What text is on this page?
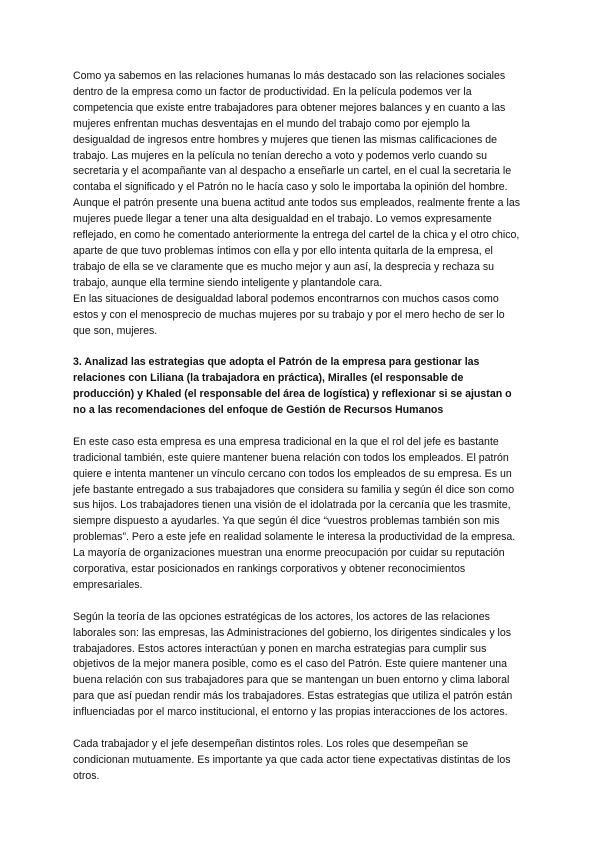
Como ya sabemos en las relaciones humanas lo más destacado son las relaciones sociales dentro de la empresa como un factor de productividad. En la película podemos ver la competencia que existe entre trabajadores para obtener mejores balances y en cuanto a las mujeres enfrentan muchas desventajas en el mundo del trabajo como por ejemplo la desigualdad de ingresos entre hombres y mujeres que tienen las mismas calificaciones de trabajo. Las mujeres en la película no tenían derecho a voto y podemos verlo cuando su secretaria y el acompañante van al despacho a enseñarle un cartel, en el cual la secretaria le contaba el significado y el Patrón no le hacía caso y solo le importaba la opinión del hombre.

Aunque el patrón presente una buena actitud ante todos sus empleados, realmente frente a las mujeres puede llegar a tener una alta desigualdad en el trabajo. Lo vemos expresamente reflejado, en como he comentado anteriormente la entrega del cartel de la chica y el otro chico, aparte de que tuvo problemas íntimos con ella y por ello intenta quitarla de la empresa, el trabajo de ella se ve claramente que es mucho mejor y aun así, la desprecia y rechaza su trabajo, aunque ella termine siendo inteligente y plantandole cara.

En las situaciones de desigualdad laboral podemos encontrarnos con muchos casos como estos y con el menosprecio de muchas mujeres por su trabajo y por el mero hecho de ser lo que son, mujeres.

3. Analizad las estrategias que adopta el Patrón de la empresa para gestionar las relaciones con Liliana (la trabajadora en práctica), Miralles (el responsable de producción) y Khaled (el responsable del área de logística) y reflexionar si se ajustan o no a las recomendaciones del enfoque de Gestión de Recursos Humanos

En este caso esta empresa es una empresa tradicional en la que el rol del jefe es bastante tradicional también, este quiere mantener buena relación con todos los empleados. El patrón quiere e intenta mantener un vínculo cercano con todos los empleados de su empresa. Es un jefe bastante entregado a sus trabajadores que considera su familia y según él dice son como sus hijos. Los trabajadores tienen una visión de el idolatrada por la cercanía que les trasmite, siempre dispuesto a ayudarles. Ya que según él dice “vuestros problemas también son mis problemas”. Pero a este jefe en realidad solamente le interesa la productividad de la empresa. La mayoría de organizaciones muestran una enorme preocupación por cuidar su reputación corporativa, estar posicionados en rankings corporativos y obtener reconocimientos empresariales.

Según la teoría de las opciones estratégicas de los actores, los actores de las relaciones laborales son: las empresas, las Administraciones del gobierno, los dirigentes sindicales y los trabajadores. Estos actores interactúan y ponen en marcha estrategias para cumplir sus objetivos de la mejor manera posible, como es el caso del Patrón. Este quiere mantener una buena relación con sus trabajadores para que se mantengan un buen entorno y clima laboral para que así puedan rendir más los trabajadores. Estas estrategias que utiliza el patrón están influenciadas por el marco institucional, el entorno y las propias interacciones de los actores.

Cada trabajador y el jefe desempeñan distintos roles. Los roles que desempeñan se condicionan mutuamente. Es importante ya que cada actor tiene expectativas distintas de los otros.
